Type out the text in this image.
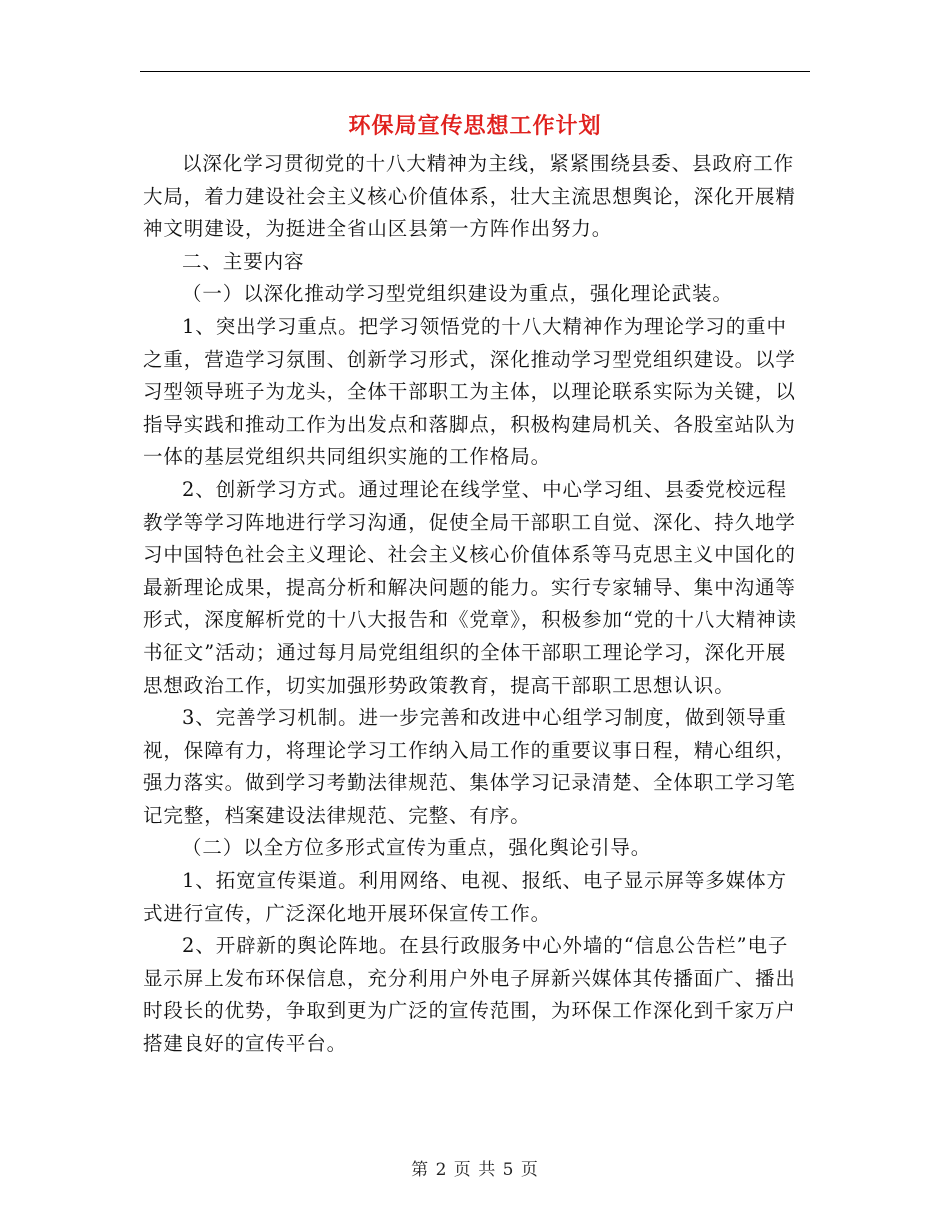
环保局宣传思想工作计划

以深化学习贯彻党的十八大精神为主线，紧紧围绕县委、县政府工作大局，着力建设社会主义核心价值体系，壮大主流思想舆论，深化开展精神文明建设，为挺进全省山区县第一方阵作出努力。

二、主要内容

（一）以深化推动学习型党组织建设为重点，强化理论武装。

1、突出学习重点。把学习领悟党的十八大精神作为理论学习的重中之重，营造学习氛围、创新学习形式，深化推动学习型党组织建设。以学习型领导班子为龙头，全体干部职工为主体，以理论联系实际为关键，以指导实践和推动工作为出发点和落脚点，积极构建局机关、各股室站队为一体的基层党组织共同组织实施的工作格局。

2、创新学习方式。通过理论在线学堂、中心学习组、县委党校远程教学等学习阵地进行学习沟通，促使全局干部职工自觉、深化、持久地学习中国特色社会主义理论、社会主义核心价值体系等马克思主义中国化的最新理论成果，提高分析和解决问题的能力。实行专家辅导、集中沟通等形式，深度解析党的十八大报告和《党章》，积极参加“党的十八大精神读书征文”活动；通过每月局党组组织的全体干部职工理论学习，深化开展思想政治工作，切实加强形势政策教育，提高干部职工思想认识。

3、完善学习机制。进一步完善和改进中心组学习制度，做到领导重视，保障有力，将理论学习工作纳入局工作的重要议事日程，精心组织，强力落实。做到学习考勤法律规范、集体学习记录清楚、全体职工学习笔记完整，档案建设法律规范、完整、有序。

（二）以全方位多形式宣传为重点，强化舆论引导。

1、拓宽宣传渠道。利用网络、电视、报纸、电子显示屏等多媒体方式进行宣传，广泛深化地开展环保宣传工作。

2、开辟新的舆论阵地。在县行政服务中心外墙的“信息公告栏”电子显示屏上发布环保信息，充分利用户外电子屏新兴媒体其传播面广、播出时段长的优势，争取到更为广泛的宣传范围，为环保工作深化到千家万户搭建良好的宣传平台。

第 2 页 共 5 页
